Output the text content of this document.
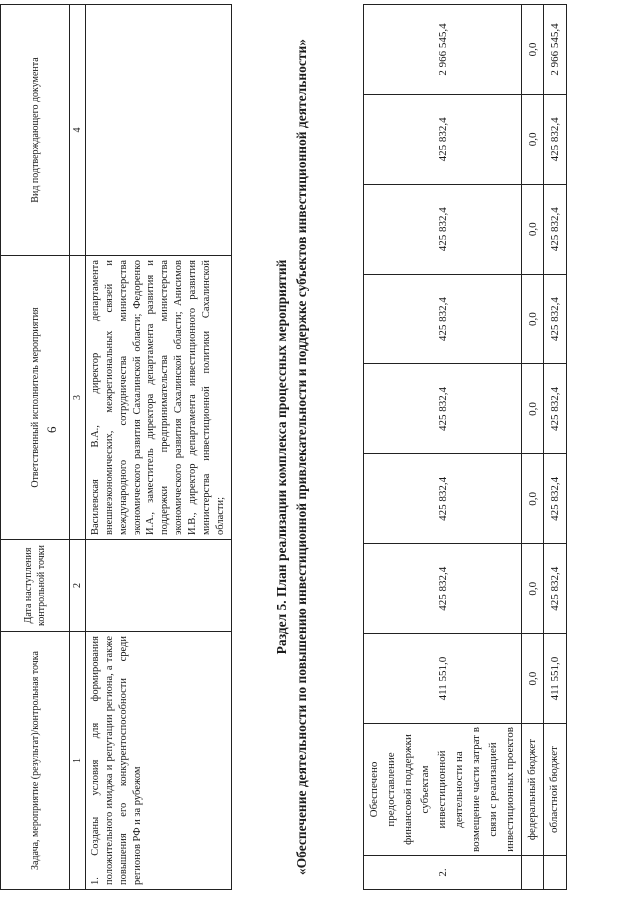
6
2.	Обеспечено предоставление финансовой поддержки субъектам инвестиционной деятельности на возмещение части затрат в связи с реализацией инвестиционных проектов	411 551,0	425 832,4	425 832,4	425 832,4	425 832,4	425 832,4	425 832,4	2 966 545,4
	федеральный бюджет	0,0	0,0	0,0	0,0	0,0	0,0	0,0	0,0
	областной бюджет	411 551,0	425 832,4	425 832,4	425 832,4	425 832,4	425 832,4	425 832,4	2 966 545,4
Раздел 5. План реализации комплекса процессных мероприятий «Обеспечение деятельности по повышению инвестиционной привлекательности и поддержке субъектов инвестиционной деятельности»
Задача, мероприятие (результат)/контрольная точка	Дата наступления контрольной точки	Ответственный исполнитель мероприятия	Вид подтверждающего документа
1	2	3	4
1. Созданы условия для формирования положительного имиджа и репутации региона, а также повышения его конкурентоспособности среди регионов РФ и за рубежом		Василевская В.А., директор департамента внешнеэкономических, межрегиональных связей и международного сотрудничества министерства экономического развития Сахалинской области; Федоренко И.А., заместитель директора департамента развития и поддержки предпринимательства министерства экономического развития Сахалинской области; Анисимов И.В., директор департамента инвестиционного развития министерства инвестиционной политики Сахалинской области;	
